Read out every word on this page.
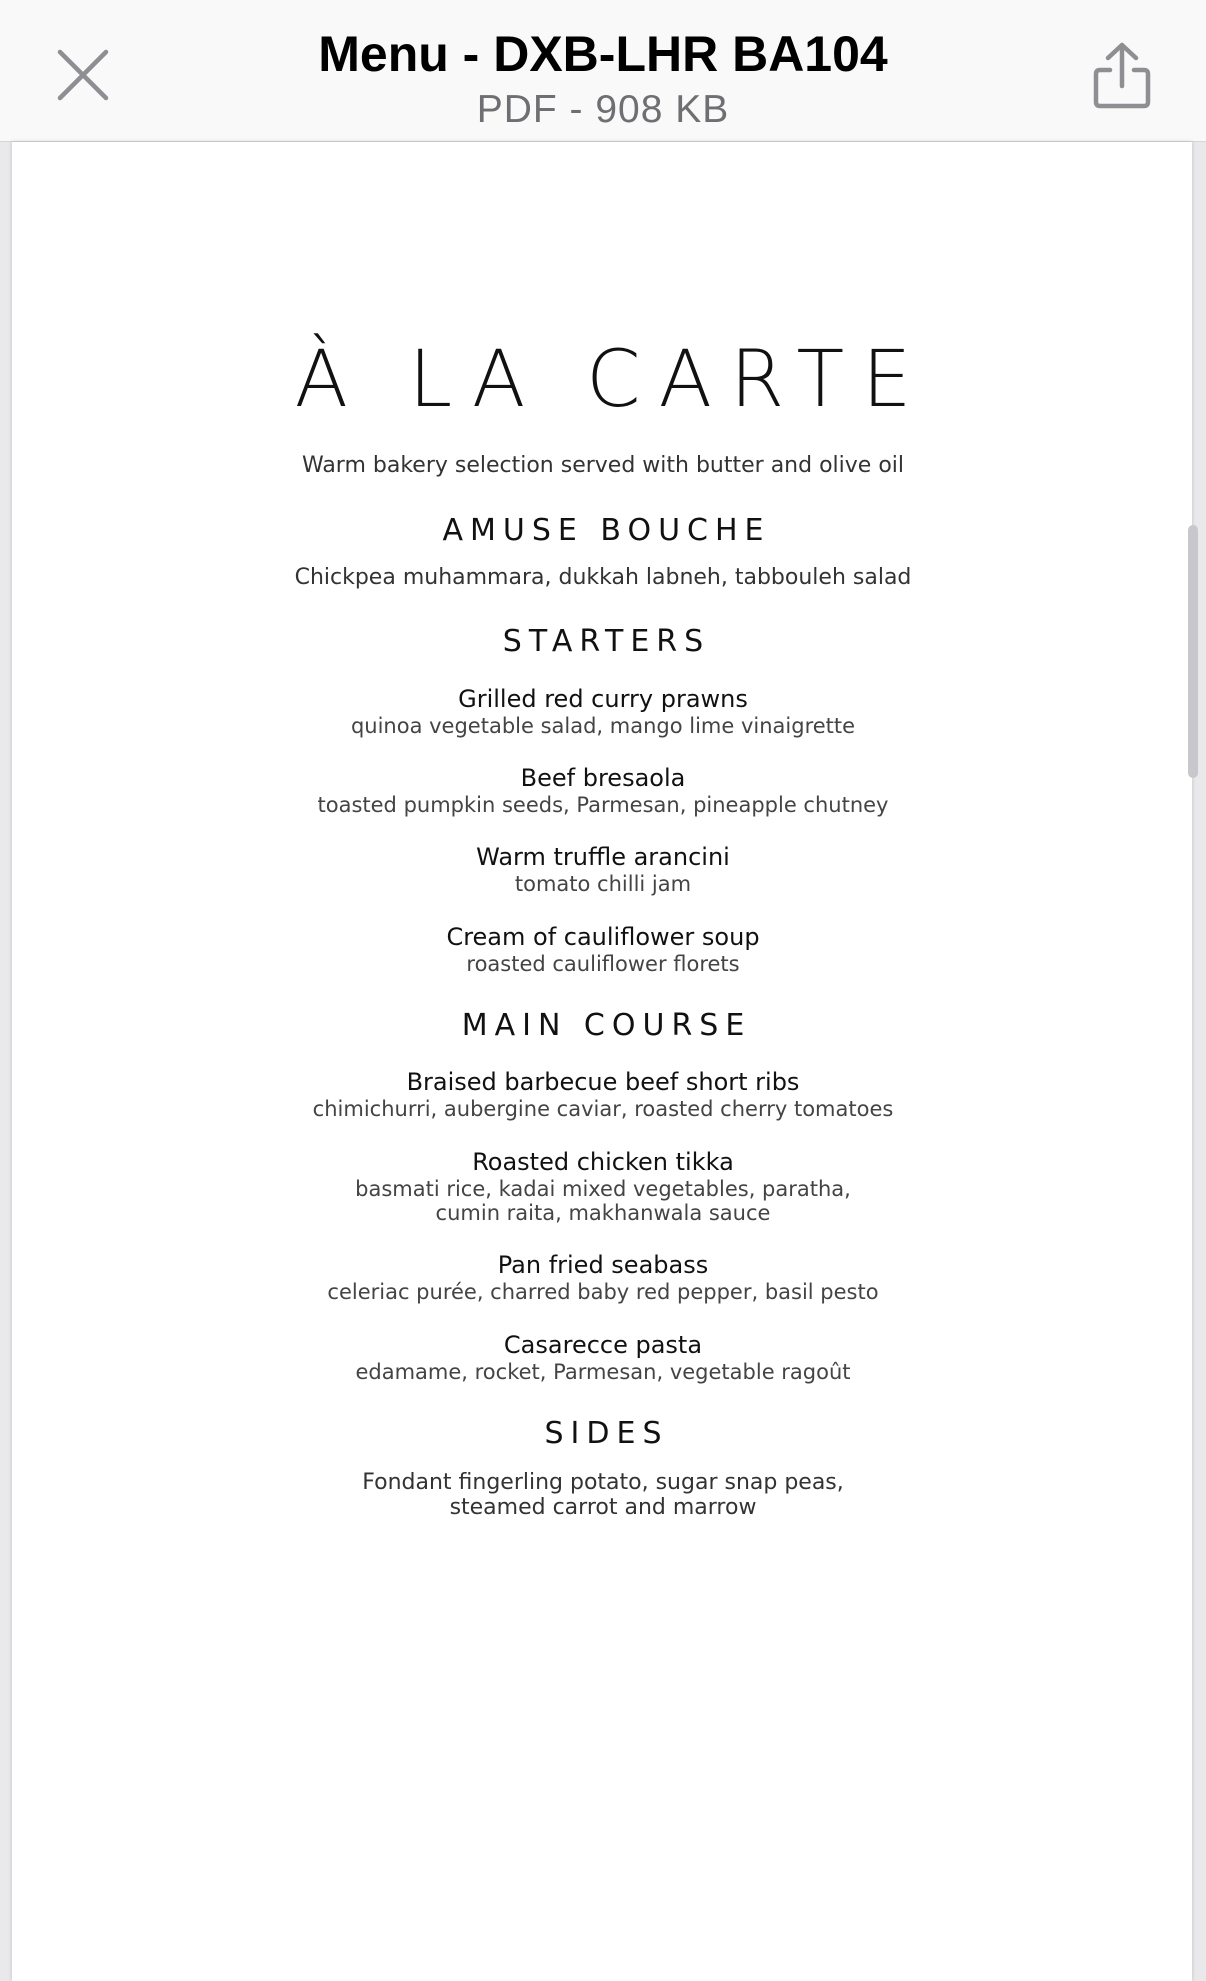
Menu - DXB-LHR BA104
PDF - 908 KB
À LA CARTE
Warm bakery selection served with butter and olive oil
AMUSE BOUCHE
Chickpea muhammara, dukkah labneh, tabbouleh salad
STARTERS
Grilled red curry prawns
quinoa vegetable salad, mango lime vinaigrette
Beef bresaola
toasted pumpkin seeds, Parmesan, pineapple chutney
Warm truffle arancini
tomato chilli jam
Cream of cauliflower soup
roasted cauliflower florets
MAIN COURSE
Braised barbecue beef short ribs
chimichurri, aubergine caviar, roasted cherry tomatoes
Roasted chicken tikka
basmati rice, kadai mixed vegetables, paratha,
cumin raita, makhanwala sauce
Pan fried seabass
celeriac purée, charred baby red pepper, basil pesto
Casarecce pasta
edamame, rocket, Parmesan, vegetable ragoût
SIDES
Fondant fingerling potato, sugar snap peas,
steamed carrot and marrow
